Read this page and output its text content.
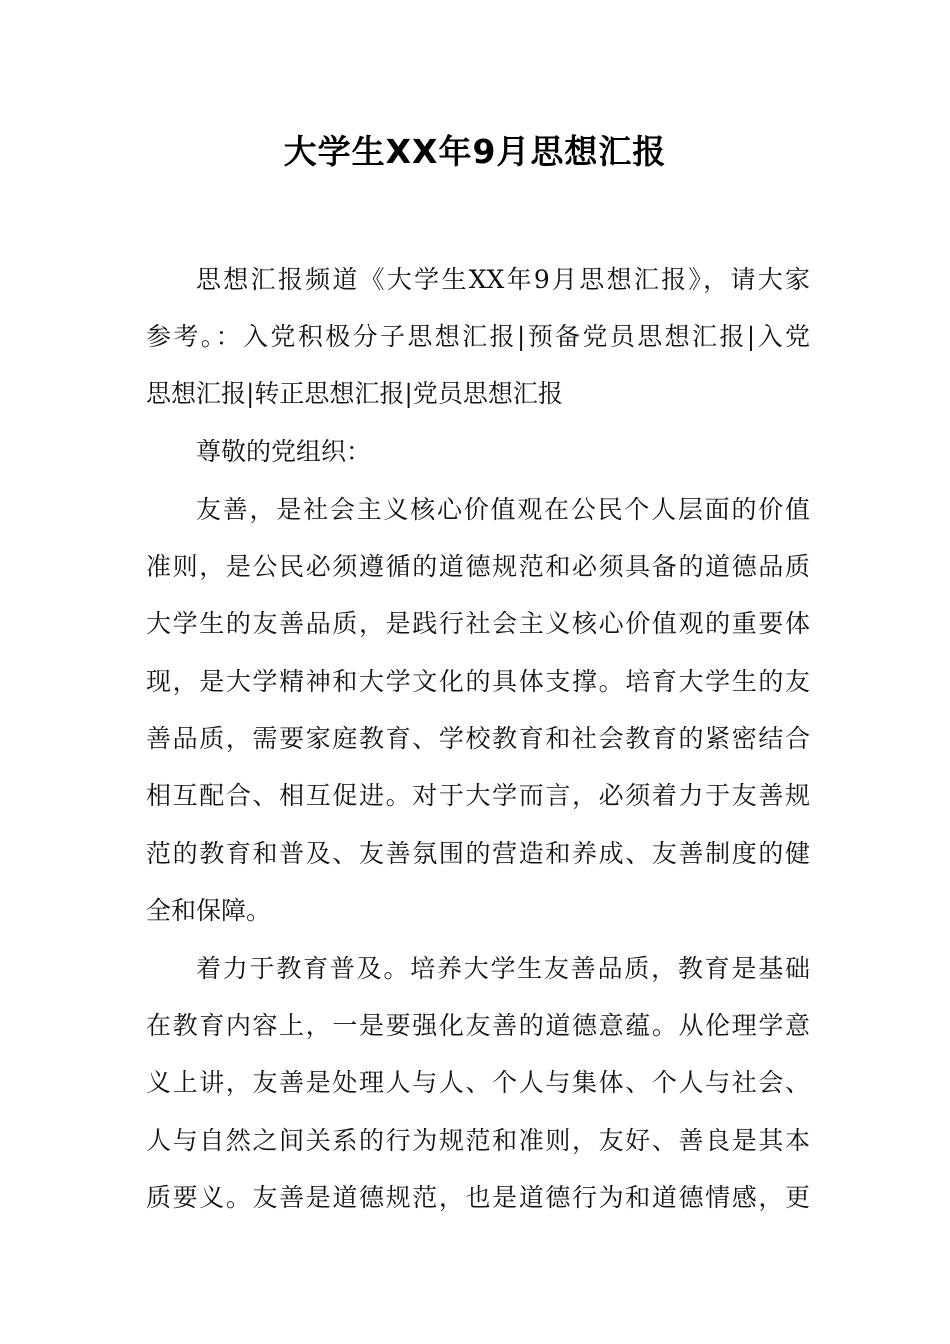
大学生XX年9月思想汇报
思想汇报频道《大学生XX年9月思想汇报》，请大家
参考。：入党积极分子思想汇报|预备党员思想汇报|入党
思想汇报|转正思想汇报|党员思想汇报
尊敬的党组织：
友善，是社会主义核心价值观在公民个人层面的价值
准则，是公民必须遵循的道德规范和必须具备的道德品质
大学生的友善品质，是践行社会主义核心价值观的重要体
现，是大学精神和大学文化的具体支撑。培育大学生的友
善品质，需要家庭教育、学校教育和社会教育的紧密结合
相互配合、相互促进。对于大学而言，必须着力于友善规
范的教育和普及、友善氛围的营造和养成、友善制度的健
全和保障。
着力于教育普及。培养大学生友善品质，教育是基础
在教育内容上，一是要强化友善的道德意蕴。从伦理学意
义上讲，友善是处理人与人、个人与集体、个人与社会、
人与自然之间关系的行为规范和准则，友好、善良是其本
质要义。友善是道德规范，也是道德行为和道德情感，更
